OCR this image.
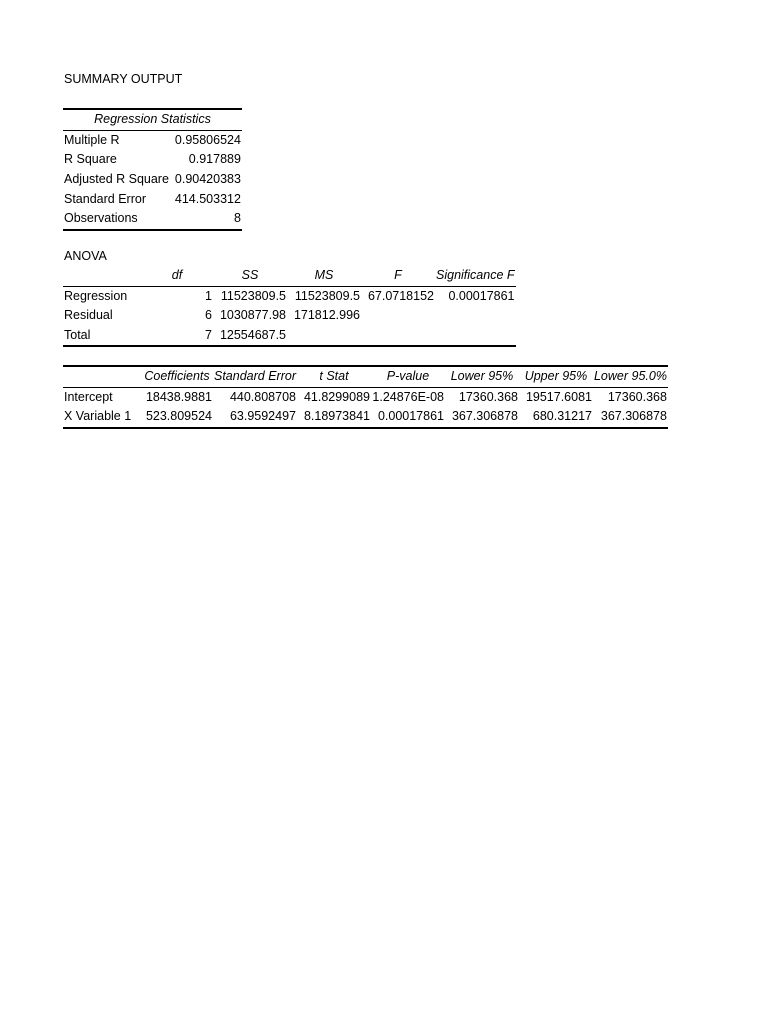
SUMMARY OUTPUT
Regression Statistics	
Multiple R	0.95806524
R Square	0.917889
Adjusted R Square	0.90420383
Standard Error	414.503312
Observations	8
ANOVA
	df	SS	MS	F	Significance F
Regression	1	11523809.5	11523809.5	67.0718152	0.00017861
Residual	6	1030877.98	171812.996		
Total	7	12554687.5			
	Coefficients	Standard Error	t Stat	P-value	Lower 95%	Upper 95%	Lower 95.0%
Intercept	18438.9881	440.808708	41.8299089	1.24876E-08	17360.368	19517.6081	17360.368
X Variable 1	523.809524	63.9592497	8.18973841	0.00017861	367.306878	680.31217	367.306878
